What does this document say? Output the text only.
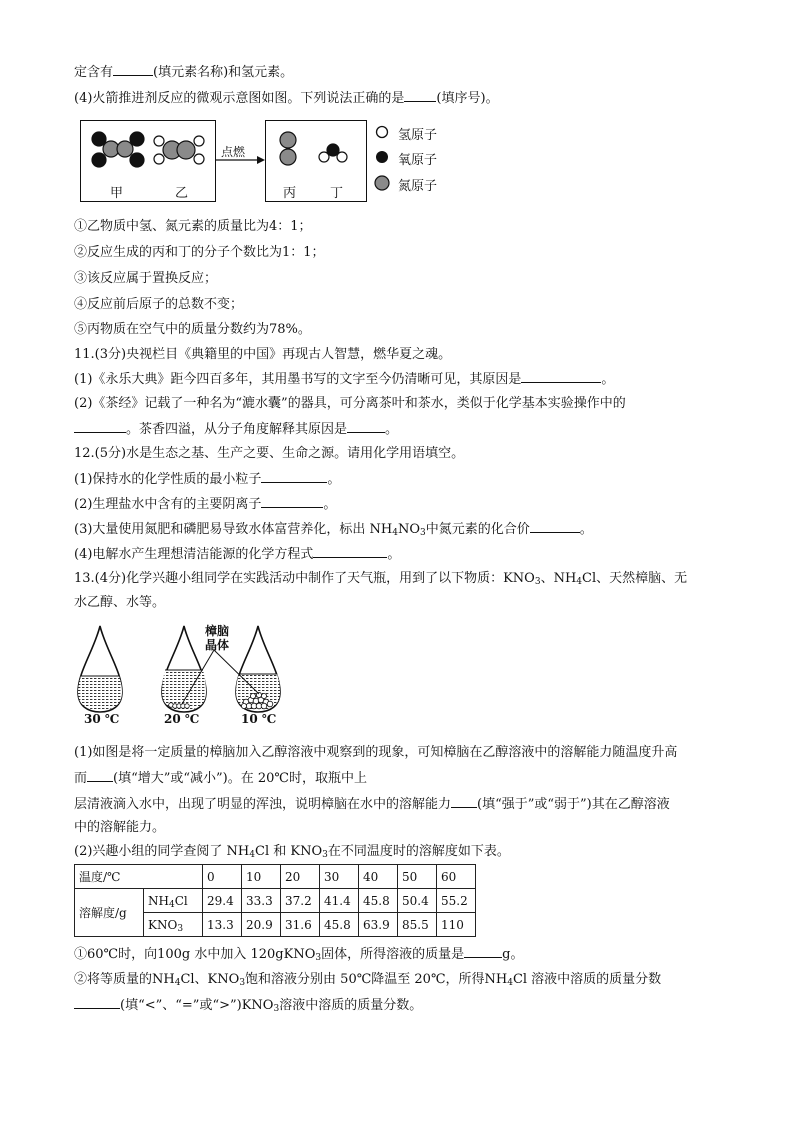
定含有	(填元素名称)和氢元素。
(4)火箭推进剂反应的微观示意图如图。下列说法正确的是 (填序号)。
点燃
甲	乙	丙	丁
氢原子
氧原子
氮原子
①乙物质中氢、氮元素的质量比为4：1；
②反应生成的丙和丁的分子个数比为1：1；
③该反应属于置换反应；
④反应前后原子的总数不变；
⑤丙物质在空气中的质量分数约为78%。
11.(3分)央视栏目《典籍里的中国》再现古人智慧，燃华夏之魂。
(1)《永乐大典》距今四百多年，其用墨书写的文字至今仍清晰可见，其原因是	。
(2)《茶经》记载了一种名为“漉水囊”的器具，可分离茶叶和茶水，类似于化学基本实验操作中的
。茶香四溢，从分子角度解释其原因是	。
12.(5分)水是生态之基、生产之要、生命之源。请用化学用语填空。
(1)保持水的化学性质的最小粒子	。
(2)生理盐水中含有的主要阴离子	。
(3)大量使用氮肥和磷肥易导致水体富营养化，标出 $NH_4NO_3$中氮元素的化合价	。
(4)电解水产生理想清洁能源的化学方程式	。
13.(4分)化学兴趣小组同学在实践活动中制作了天气瓶，用到了以下物质：$KNO_3$、$NH_4Cl$、天然樟脑、无
水乙醇、水等。
樟脑
晶体
30 ℃	20 ℃	10 ℃
(1)如图是将一定质量的樟脑加入乙醇溶液中观察到的现象，可知樟脑在乙醇溶液中的溶解能力随温度升高
而 (填“增大”或“减小”)。在 20℃时，取瓶中上
层清液滴入水中，出现了明显的浑浊，说明樟脑在水中的溶解能力 (填“强于”或“弱于”)其在乙醇溶液
中的溶解能力。
(2)兴趣小组的同学查阅了 $NH_4Cl$ 和 $KNO_3$在不同温度时的溶解度如下表。
温度/℃		0	10	20	30	40	50	60
溶解度/g	$NH_4Cl$	29.4	33.3	37.2	41.4	45.8	50.4	55.2
	$KNO_3$	13.3	20.9	31.6	45.8	63.9	85.5	110
①60℃时，向100g 水中加入 120gKNO$_3$固体，所得溶液的质量是	g。
②将等质量的$NH_4Cl$、$KNO_3$饱和溶液分别由 50℃降温至 20℃，所得$NH_4Cl$ 溶液中溶质的质量分数
(填“<”、“=”或“$>”)KNO_3$溶液中溶质的质量分数。
